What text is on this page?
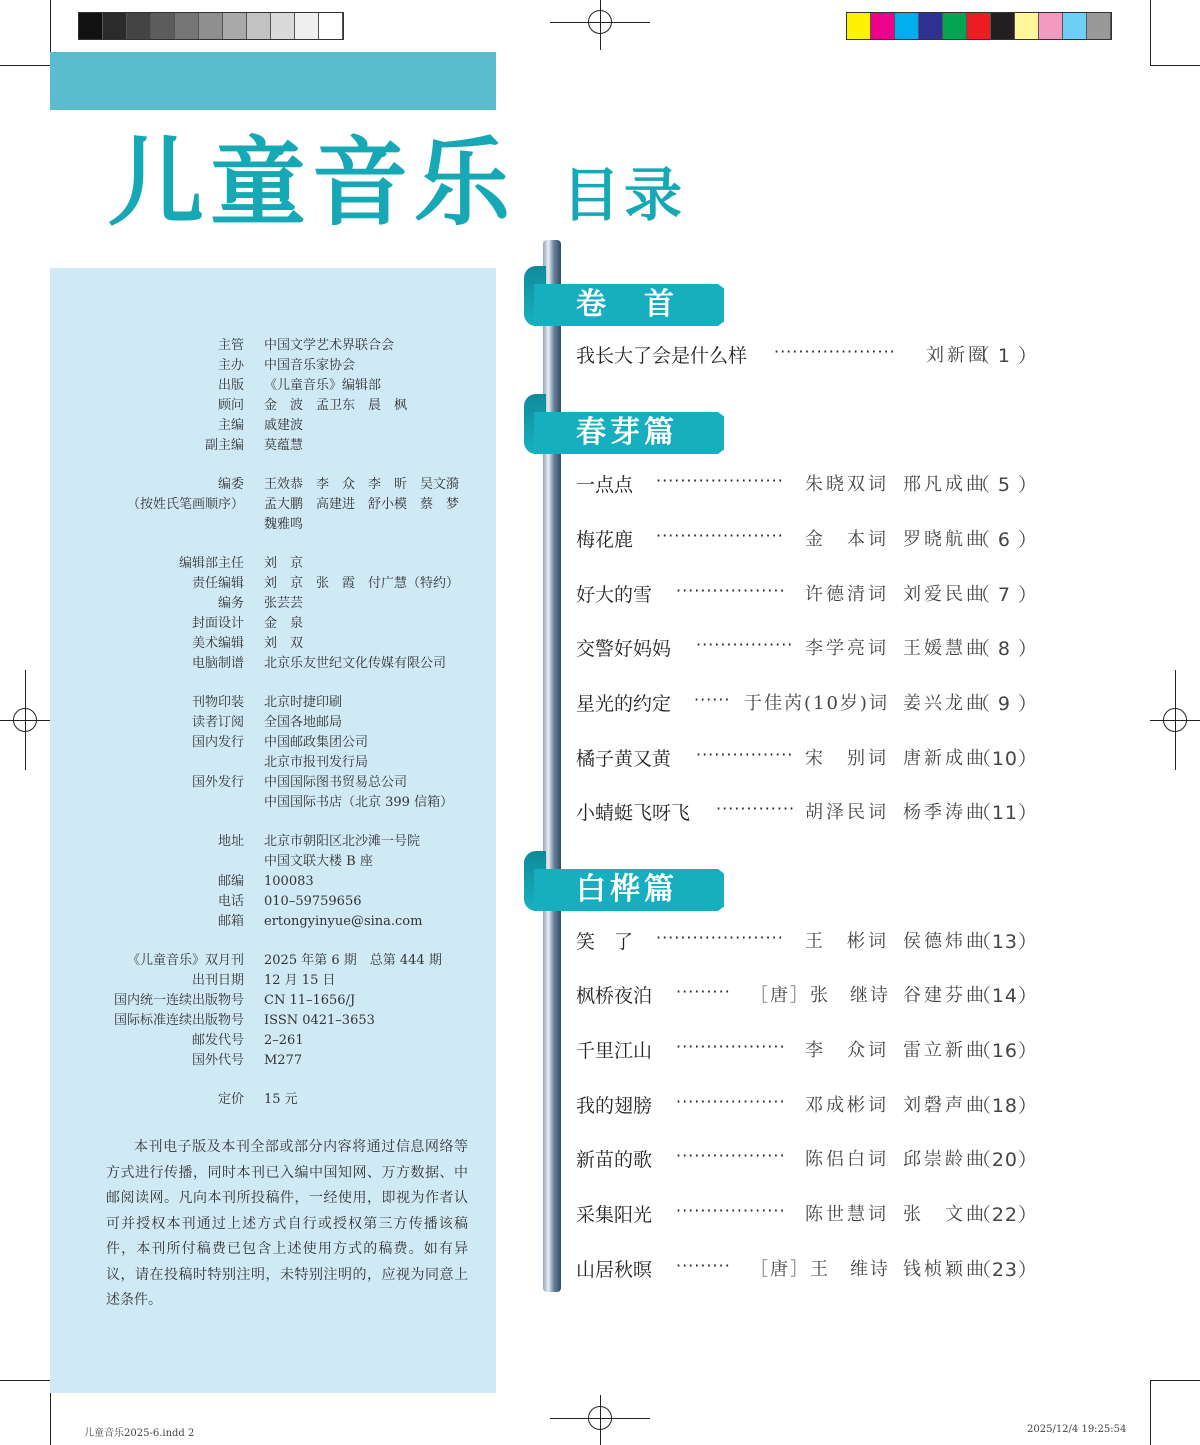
儿童音乐 目录
主管 中国文学艺术界联合会
主办 中国音乐家协会
出版 《儿童音乐》编辑部
顾问 金　波　孟卫东　晨　枫
主编 戚建波
副主编 莫蕴慧
编委 王效恭　李　众　李　昕　吴文漪
（按姓氏笔画顺序） 孟大鹏　高建进　舒小模　蔡　梦
魏雅鸣
编辑部主任 刘　京
责任编辑 刘　京　张　霞　付广慧（特约）
编务 张芸芸
封面设计 金　泉
美术编辑 刘　双
电脑制谱 北京乐友世纪文化传媒有限公司
刊物印装 北京时捷印刷
读者订阅 全国各地邮局
国内发行 中国邮政集团公司
北京市报刊发行局
国外发行 中国国际图书贸易总公司
中国国际书店（北京 399 信箱）
地址 北京市朝阳区北沙滩一号院
中国文联大楼 B 座
邮编 100083
电话 010–59759656
邮箱 ertongyinyue@sina.com
《儿童音乐》双月刊 2025 年第 6 期　总第 444 期
出刊日期 12 月 15 日
国内统一连续出版物号 CN 11–1656/J
国际标准连续出版物号 ISSN 0421–3653
邮发代号 2–261
国外代号 M277
定价 15 元
本刊电子版及本刊全部或部分内容将通过信息网络等方式进行传播，同时本刊已入编中国知网、万方数据、中邮阅读网。凡向本刊所投稿件，一经使用，即视为作者认可并授权本刊通过上述方式自行或授权第三方传播该稿件，本刊所付稿费已包含上述使用方式的稿费。如有异议，请在投稿时特别注明，未特别注明的，应视为同意上述条件。
卷　首
我长大了会是什么样 ···················· 刘新圈
（ 1 ）
春芽篇
一点点 ····················· 朱晓双词 邢凡成曲
（ 5 ）
梅花鹿 ····················· 金　本词 罗晓航曲
（ 6 ）
好大的雪 ·················· 许德清词 刘爱民曲
（ 7 ）
交警好妈妈 ················ 李学亮词 王媛慧曲
（ 8 ）
星光的约定 ······ 于佳芮(10岁)词 姜兴龙曲
（ 9 ）
橘子黄又黄 ················ 宋　别词 唐新成曲
（10）
小蜻蜓飞呀飞 ············· 胡泽民词 杨季涛曲
（11）
白桦篇
笑　了 ····················· 王　彬词 侯德炜曲
（13）
枫桥夜泊 ········· ［唐］张　继诗 谷建芬曲
（14）
千里江山 ·················· 李　众词 雷立新曲
（16）
我的翅膀 ·················· 邓成彬词 刘磬声曲
（18）
新苗的歌 ·················· 陈侣白词 邱崇龄曲
（20）
采集阳光 ·················· 陈世慧词 张　文曲
（22）
山居秋暝 ········· ［唐］王　维诗 钱桢颖曲
（23）
儿童音乐2025-6.indd 2	2025/12/4 19:25:54
